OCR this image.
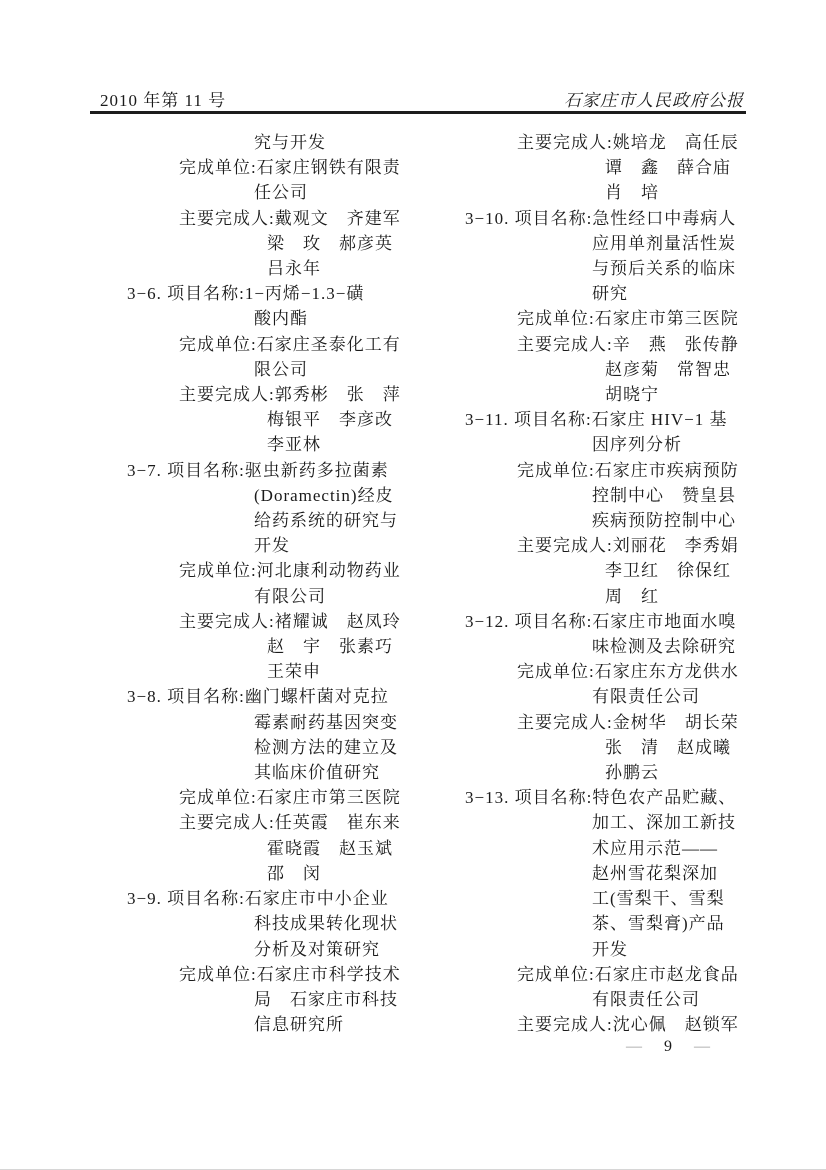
2010 年第 11 号	石家庄市人民政府公报
究与开发
完成单位:石家庄钢铁有限责
任公司
主要完成人:戴观文　齐建军
梁　玫　郝彦英
吕永年
3−6. 项目名称:1−丙烯−1.3−磺
酸内酯
完成单位:石家庄圣泰化工有
限公司
主要完成人:郭秀彬　张　萍
梅银平　李彦改
李亚林
3−7. 项目名称:驱虫新药多拉菌素
(Doramectin)经皮
给药系统的研究与
开发
完成单位:河北康利动物药业
有限公司
主要完成人:褚耀诚　赵凤玲
赵　宇　张素巧
王荣申
3−8. 项目名称:幽门螺杆菌对克拉
霉素耐药基因突变
检测方法的建立及
其临床价值研究
完成单位:石家庄市第三医院
主要完成人:任英霞　崔东来
霍晓霞　赵玉斌
邵　闵
3−9. 项目名称:石家庄市中小企业
科技成果转化现状
分析及对策研究
完成单位:石家庄市科学技术
局　石家庄市科技
信息研究所
主要完成人:姚培龙　高任辰
谭　鑫　薛合庙
肖　培
3−10. 项目名称:急性经口中毒病人
应用单剂量活性炭
与预后关系的临床
研究
完成单位:石家庄市第三医院
主要完成人:辛　燕　张传静
赵彦菊　常智忠
胡晓宁
3−11. 项目名称:石家庄 HIV−1 基
因序列分析
完成单位:石家庄市疾病预防
控制中心　赞皇县
疾病预防控制中心
主要完成人:刘丽花　李秀娟
李卫红　徐保红
周　红
3−12. 项目名称:石家庄市地面水嗅
味检测及去除研究
完成单位:石家庄东方龙供水
有限责任公司
主要完成人:金树华　胡长荣
张　清　赵成曦
孙鹏云
3−13. 项目名称:特色农产品贮藏、
加工、深加工新技
术应用示范——
赵州雪花梨深加
工(雪梨干、雪梨
茶、雪梨膏)产品
开发
完成单位:石家庄市赵龙食品
有限责任公司
主要完成人:沈心佩　赵锁军
— 9 —
